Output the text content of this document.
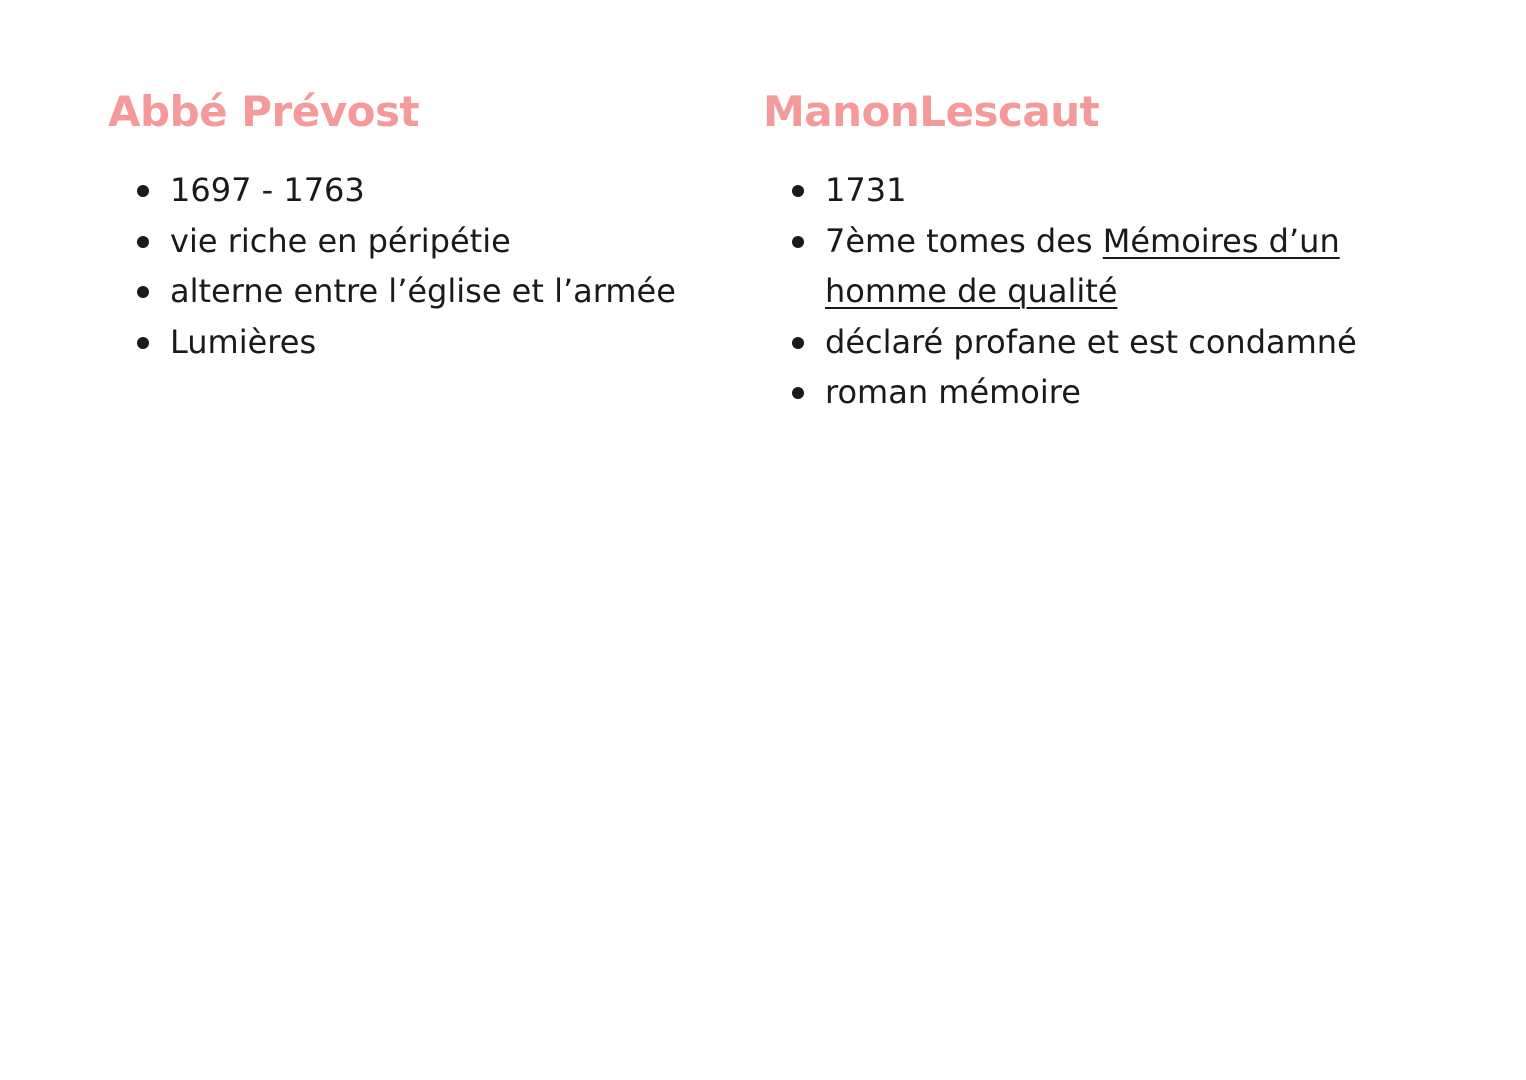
Abbé Prévost
1697 - 1763
vie riche en péripétie
alterne entre l’église et l’armée
Lumières
ManonLescaut
1731
7ème tomes des Mémoires d’un
homme de qualité
déclaré profane et est condamné
roman mémoire
